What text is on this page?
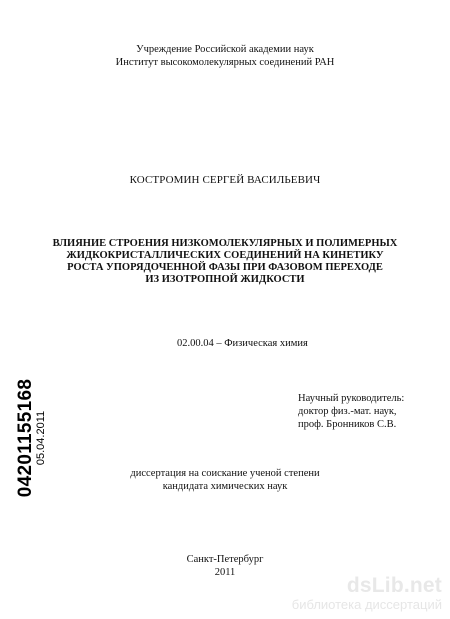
Учреждение Российской академии наук
Институт высокомолекулярных соединений РАН
КОСТРОМИН СЕРГЕЙ ВАСИЛЬЕВИЧ
ВЛИЯНИЕ СТРОЕНИЯ НИЗКОМОЛЕКУЛЯРНЫХ И ПОЛИМЕРНЫХ
ЖИДКОКРИСТАЛЛИЧЕСКИХ СОЕДИНЕНИЙ НА КИНЕТИКУ
РОСТА УПОРЯДОЧЕННОЙ ФАЗЫ ПРИ ФАЗОВОМ ПЕРЕХОДЕ
ИЗ ИЗОТРОПНОЙ ЖИДКОСТИ
02.00.04 – Физическая химия
Научный руководитель:
доктор физ.-мат. наук,
проф. Бронников С.В.
диссертация на соискание ученой степени
кандидата химических наук
Санкт-Петербург
2011
04201155168 05.04.2011
dsLib.net
библиотека диссертаций
